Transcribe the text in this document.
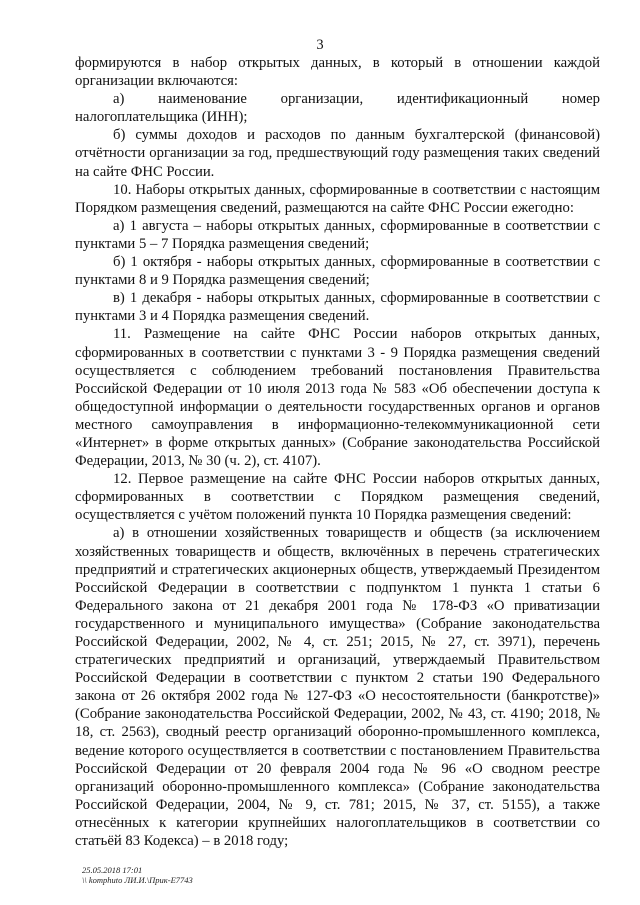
3

формируются в набор открытых данных, в который в отношении каждой организации включаются:

а) наименование организации, идентификационный номер налогоплательщика (ИНН);

б) суммы доходов и расходов по данным бухгалтерской (финансовой) отчётности организации за год, предшествующий году размещения таких сведений на сайте ФНС России.

10. Наборы открытых данных, сформированные в соответствии с настоящим Порядком размещения сведений, размещаются на сайте ФНС России ежегодно:

а) 1 августа – наборы открытых данных, сформированные в соответствии с пунктами 5 – 7 Порядка размещения сведений;

б) 1 октября - наборы открытых данных, сформированные в соответствии с пунктами 8 и 9 Порядка размещения сведений;

в) 1 декабря - наборы открытых данных, сформированные в соответствии с пунктами 3 и 4 Порядка размещения сведений.

11. Размещение на сайте ФНС России наборов открытых данных, сформированных в соответствии с пунктами 3 - 9 Порядка размещения сведений осуществляется с соблюдением требований постановления Правительства Российской Федерации от 10 июля 2013 года № 583 «Об обеспечении доступа к общедоступной информации о деятельности государственных органов и органов местного самоуправления в информационно-телекоммуникационной сети «Интернет» в форме открытых данных» (Собрание законодательства Российской Федерации, 2013, № 30 (ч. 2), ст. 4107).

12. Первое размещение на сайте ФНС России наборов открытых данных, сформированных в соответствии с Порядком размещения сведений, осуществляется с учётом положений пункта 10 Порядка размещения сведений:

а) в отношении хозяйственных товариществ и обществ (за исключением хозяйственных товариществ и обществ, включённых в перечень стратегических предприятий и стратегических акционерных обществ, утверждаемый Президентом Российской Федерации в соответствии с подпунктом 1 пункта 1 статьи 6 Федерального закона от 21 декабря 2001 года № 178-ФЗ «О приватизации государственного и муниципального имущества» (Собрание законодательства Российской Федерации, 2002, № 4, ст. 251; 2015, № 27, ст. 3971), перечень стратегических предприятий и организаций, утверждаемый Правительством Российской Федерации в соответствии с пунктом 2 статьи 190 Федерального закона от 26 октября 2002 года № 127-ФЗ «О несостоятельности (банкротстве)» (Собрание законодательства Российской Федерации, 2002, № 43, ст. 4190; 2018, № 18, ст. 2563), сводный реестр организаций оборонно-промышленного комплекса, ведение которого осуществляется в соответствии с постановлением Правительства Российской Федерации от 20 февраля 2004 года № 96 «О сводном реестре организаций оборонно-промышленного комплекса» (Собрание законодательства Российской Федерации, 2004, № 9, ст. 781; 2015, № 37, ст. 5155), а также отнесённых к категории крупнейших налогоплательщиков в соответствии со статьёй 83 Кодекса) – в 2018 году;

25.05.2018 17:01
\\ komphuto ЛИ.И.\Прик-Е7743
